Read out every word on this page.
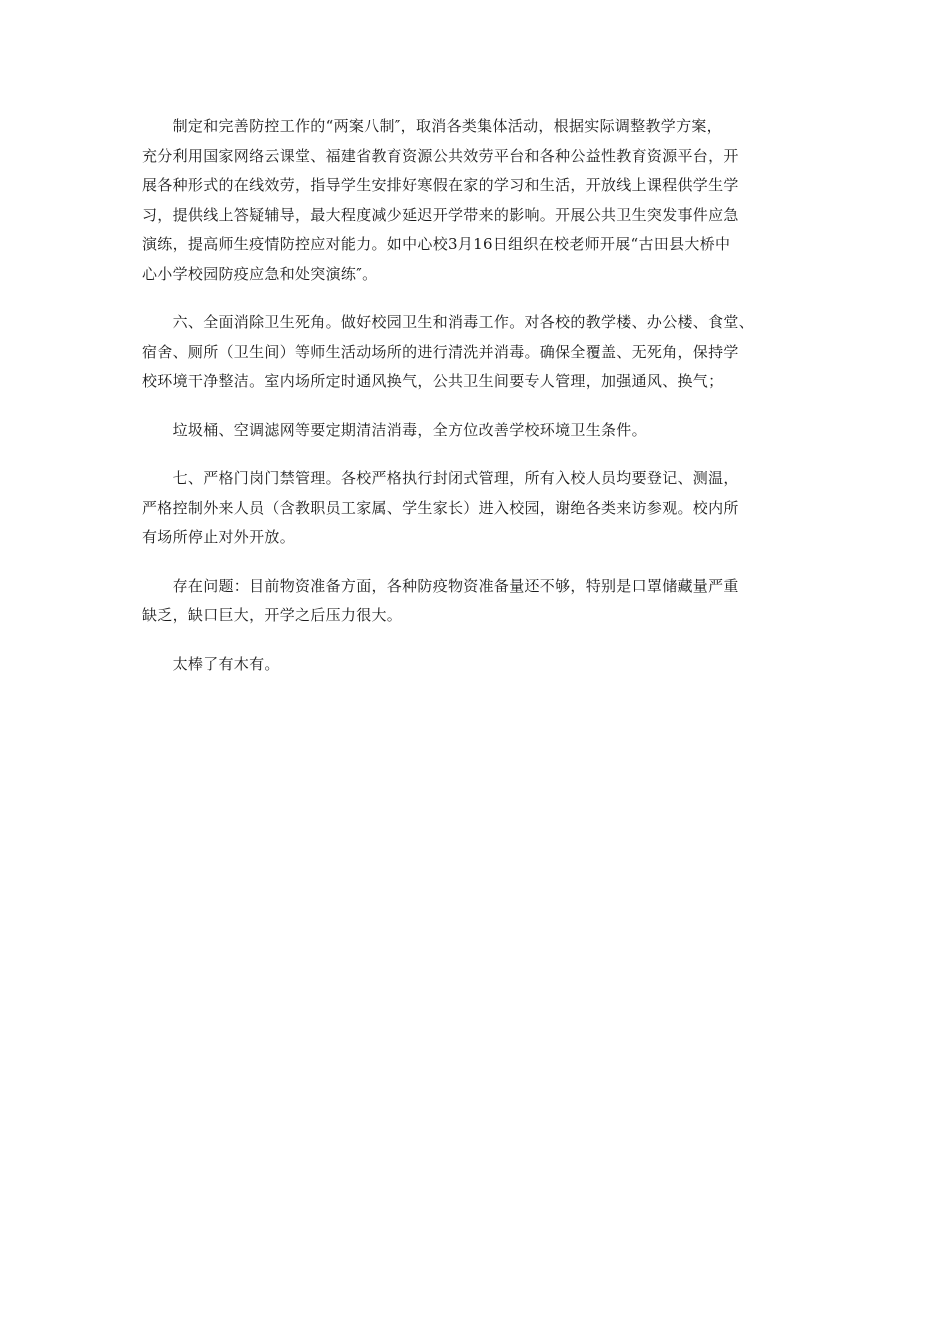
　　制定和完善防控工作的“两案八制″，取消各类集体活动，根据实际调整教学方案，
充分利用国家网络云课堂、福建省教育资源公共效劳平台和各种公益性教育资源平台，开
展各种形式的在线效劳，指导学生安排好寒假在家的学习和生活，开放线上课程供学生学
习，提供线上答疑辅导，最大程度减少延迟开学带来的影响。开展公共卫生突发事件应急
演练，提高师生疫情防控应对能力。如中心校3月16日组织在校老师开展“古田县大桥中
心小学校园防疫应急和处突演练″。

　　六、全面消除卫生死角。做好校园卫生和消毒工作。对各校的教学楼、办公楼、食堂、
宿舍、厕所（卫生间）等师生活动场所的进行清洗并消毒。确保全覆盖、无死角，保持学
校环境干净整洁。室内场所定时通风换气，公共卫生间要专人管理，加强通风、换气；

　　垃圾桶、空调滤网等要定期清洁消毒，全方位改善学校环境卫生条件。

　　七、严格门岗门禁管理。各校严格执行封闭式管理，所有入校人员均要登记、测温，
严格控制外来人员（含教职员工家属、学生家长）进入校园，谢绝各类来访参观。校内所
有场所停止对外开放。

　　存在问题：目前物资准备方面，各种防疫物资准备量还不够，特别是口罩储藏量严重
缺乏，缺口巨大，开学之后压力很大。

　　太棒了有木有。
